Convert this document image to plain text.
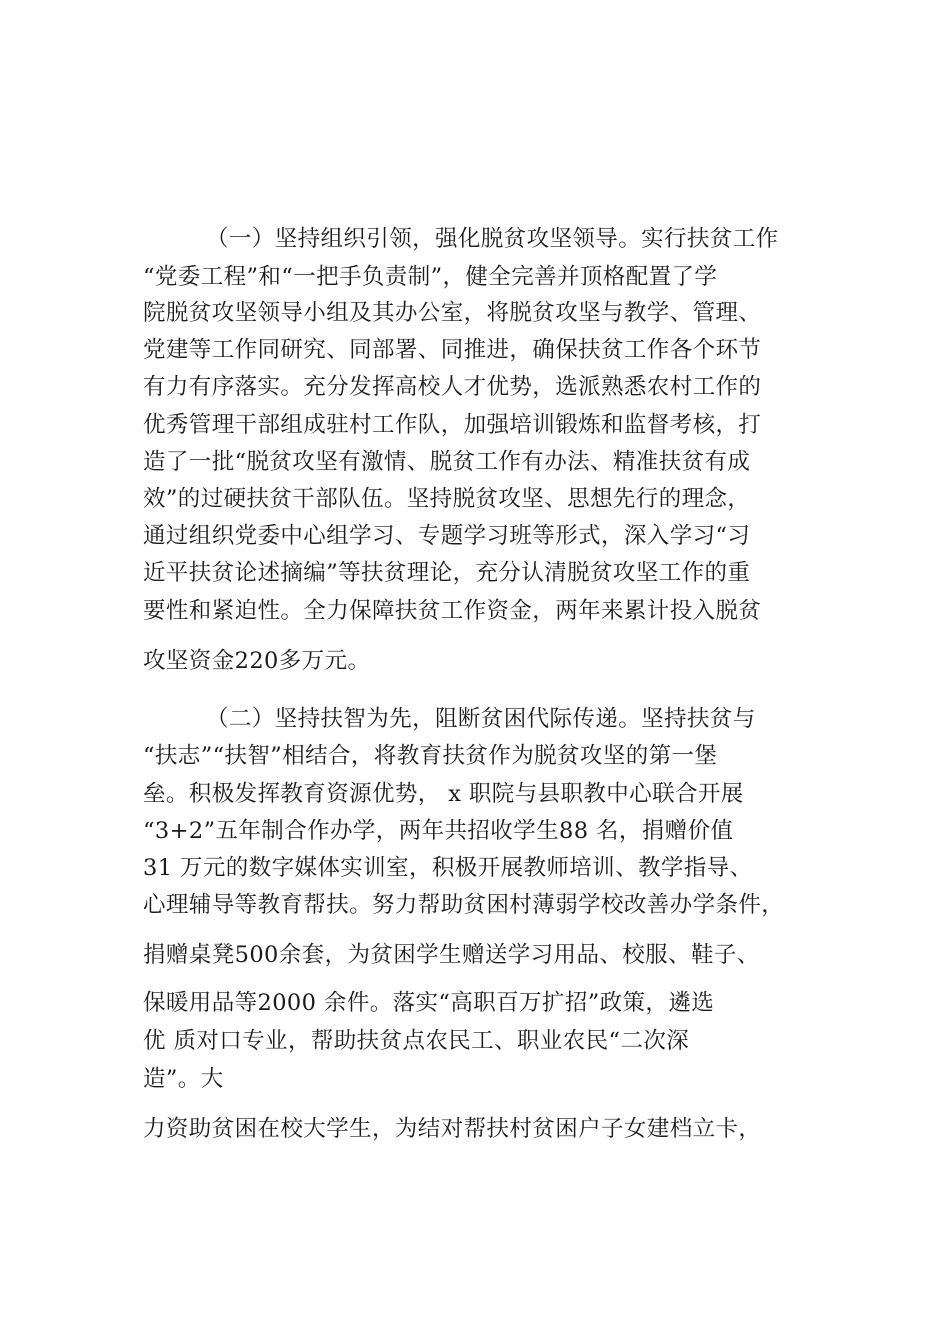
（一）坚持组织引领，强化脱贫攻坚领导。实行扶贫工作
“党委工程”和“一把手负责制”，健全完善并顶格配置了学
院脱贫攻坚领导小组及其办公室，将脱贫攻坚与教学、管理、
党建等工作同研究、同部署、同推进，确保扶贫工作各个环节
有力有序落实。充分发挥高校人才优势，选派熟悉农村工作的
优秀管理干部组成驻村工作队，加强培训锻炼和监督考核，打
造了一批“脱贫攻坚有激情、脱贫工作有办法、精准扶贫有成
效”的过硬扶贫干部队伍。坚持脱贫攻坚、思想先行的理念，
通过组织党委中心组学习、专题学习班等形式，深入学习“习
近平扶贫论述摘编”等扶贫理论，充分认清脱贫攻坚工作的重
要性和紧迫性。全力保障扶贫工作资金，两年来累计投入脱贫
攻坚资金220多万元。
（二）坚持扶智为先，阻断贫困代际传递。坚持扶贫与
“扶志”“扶智”相结合，将教育扶贫作为脱贫攻坚的第一堡
垒。积极发挥教育资源优势， x 职院与县职教中心联合开展
“3+2”五年制合作办学，两年共招收学生88 名，捐赠价值
31 万元的数字媒体实训室，积极开展教师培训、教学指导、
心理辅导等教育帮扶。努力帮助贫困村薄弱学校改善办学条件，
捐赠桌凳500余套，为贫困学生赠送学习用品、校服、鞋子、
保暖用品等2000 余件。落实“高职百万扩招”政策，遴选
优 质对口专业，帮助扶贫点农民工、职业农民“二次深
造”。大
力资助贫困在校大学生，为结对帮扶村贫困户子女建档立卡，
